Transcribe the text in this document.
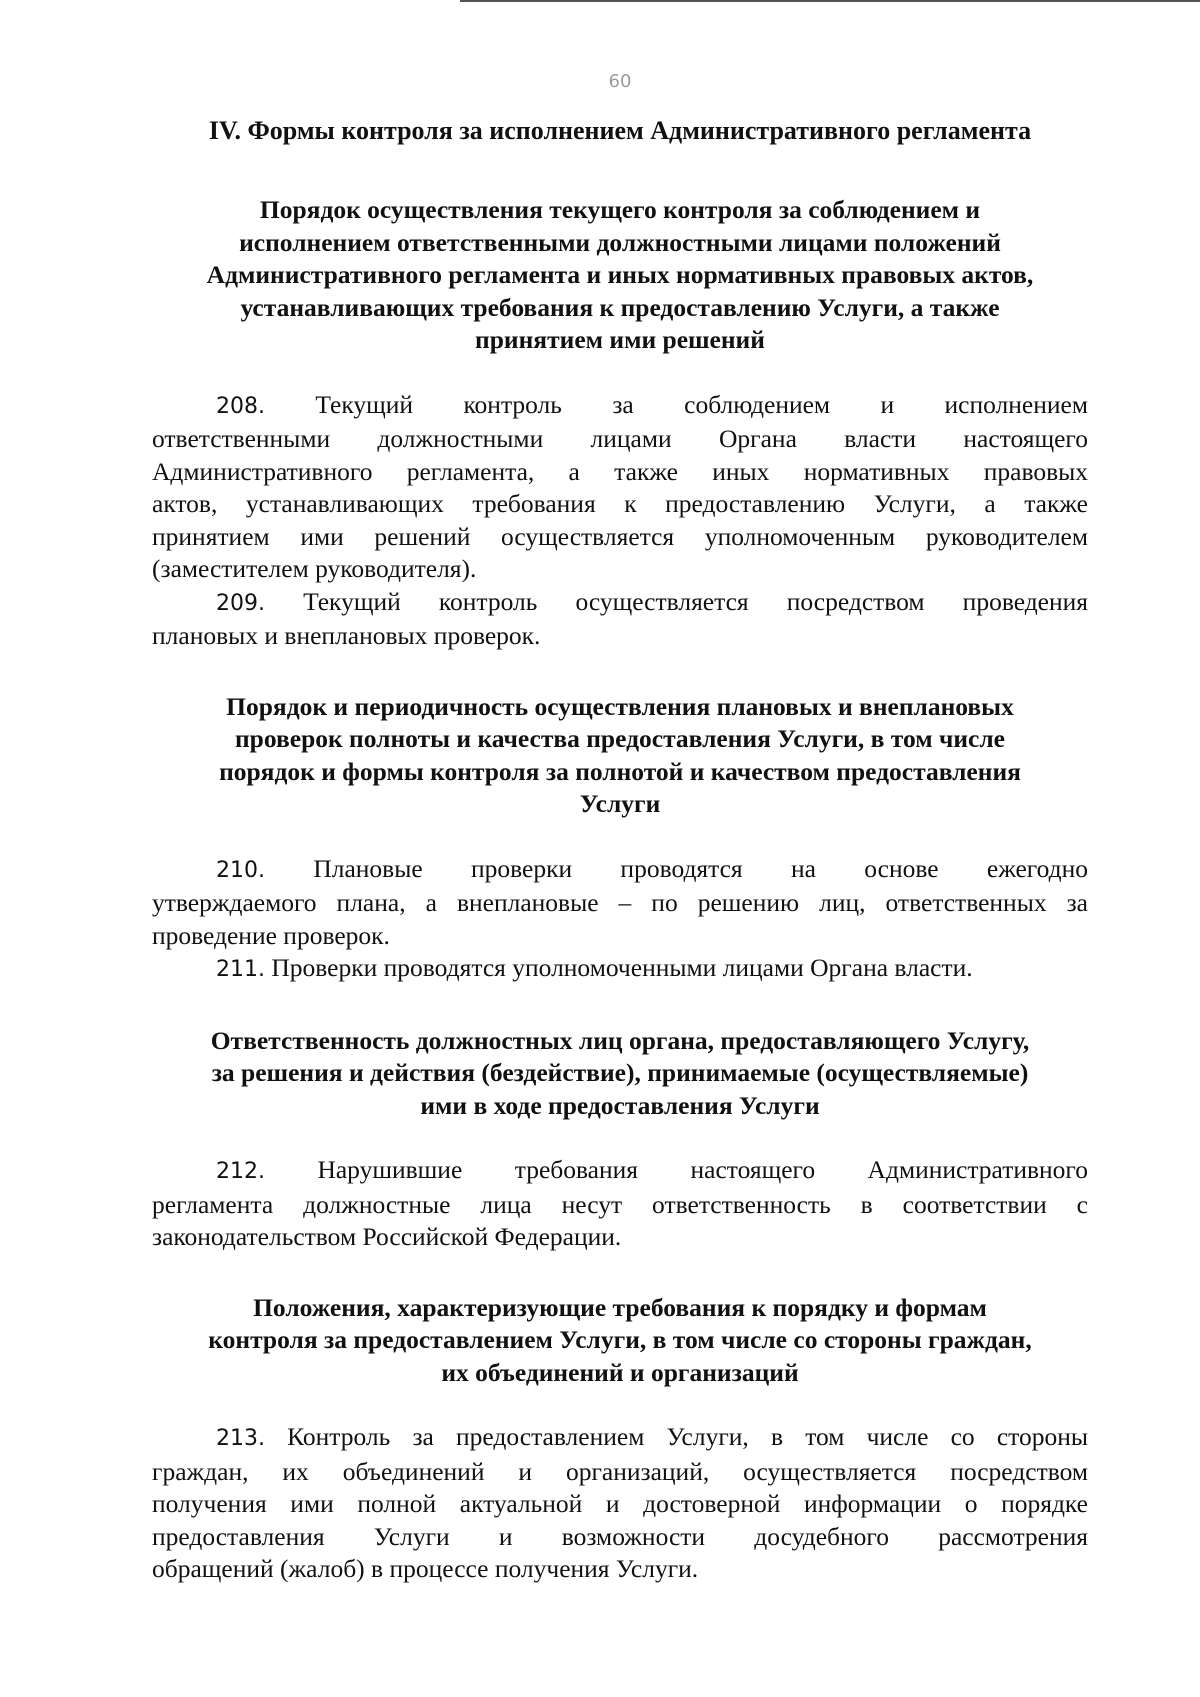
60

IV. Формы контроля за исполнением Административного регламента
Порядок осуществления текущего контроля за соблюдением и
исполнением ответственными должностными лицами положений
Административного регламента и иных нормативных правовых актов,
устанавливающих требования к предоставлению Услуги, а также
принятием ими решений
208. Текущий контроль за соблюдением и исполнением
ответственными должностными лицами Органа власти настоящего
Административного регламента, а также иных нормативных правовых
актов, устанавливающих требования к предоставлению Услуги, а также
принятием ими решений осуществляется уполномоченным руководителем
(заместителем руководителя).
209. Текущий контроль осуществляется посредством проведения
плановых и внеплановых проверок.
Порядок и периодичность осуществления плановых и внеплановых
проверок полноты и качества предоставления Услуги, в том числе
порядок и формы контроля за полнотой и качеством предоставления
Услуги
210. Плановые проверки проводятся на основе ежегодно
утверждаемого плана, а внеплановые – по решению лиц, ответственных за
проведение проверок.
211. Проверки проводятся уполномоченными лицами Органа власти.
Ответственность должностных лиц органа, предоставляющего Услугу,
за решения и действия (бездействие), принимаемые (осуществляемые)
ими в ходе предоставления Услуги
212. Нарушившие требования настоящего Административного
регламента должностные лица несут ответственность в соответствии с
законодательством Российской Федерации.
Положения, характеризующие требования к порядку и формам
контроля за предоставлением Услуги, в том числе со стороны граждан,
их объединений и организаций
213. Контроль за предоставлением Услуги, в том числе со стороны
граждан, их объединений и организаций, осуществляется посредством
получения ими полной актуальной и достоверной информации о порядке
предоставления Услуги и возможности досудебного рассмотрения
обращений (жалоб) в процессе получения Услуги.
